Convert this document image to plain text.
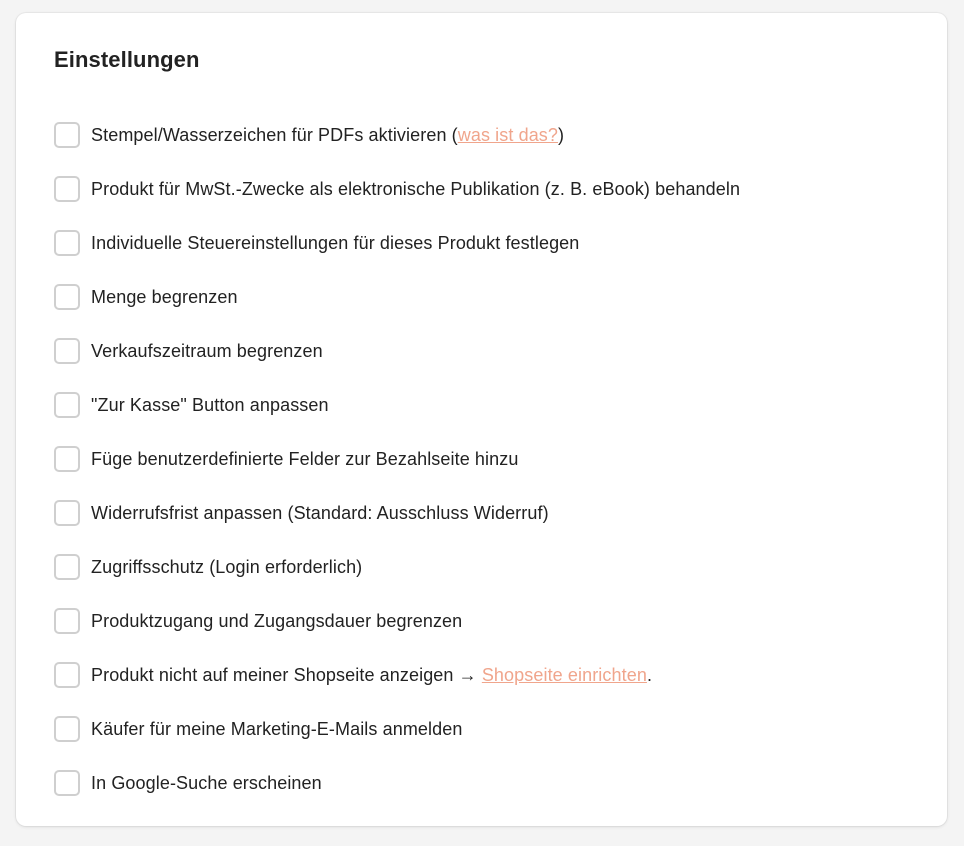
Einstellungen
Stempel/Wasserzeichen für PDFs aktivieren (was ist das?)
Produkt für MwSt.-Zwecke als elektronische Publikation (z. B. eBook) behandeln
Individuelle Steuereinstellungen für dieses Produkt festlegen
Menge begrenzen
Verkaufszeitraum begrenzen
"Zur Kasse" Button anpassen
Füge benutzerdefinierte Felder zur Bezahlseite hinzu
Widerrufsfrist anpassen (Standard: Ausschluss Widerruf)
Zugriffsschutz (Login erforderlich)
Produktzugang und Zugangsdauer begrenzen
Produkt nicht auf meiner Shopseite anzeigen → Shopseite einrichten.
Käufer für meine Marketing-E-Mails anmelden
In Google-Suche erscheinen
